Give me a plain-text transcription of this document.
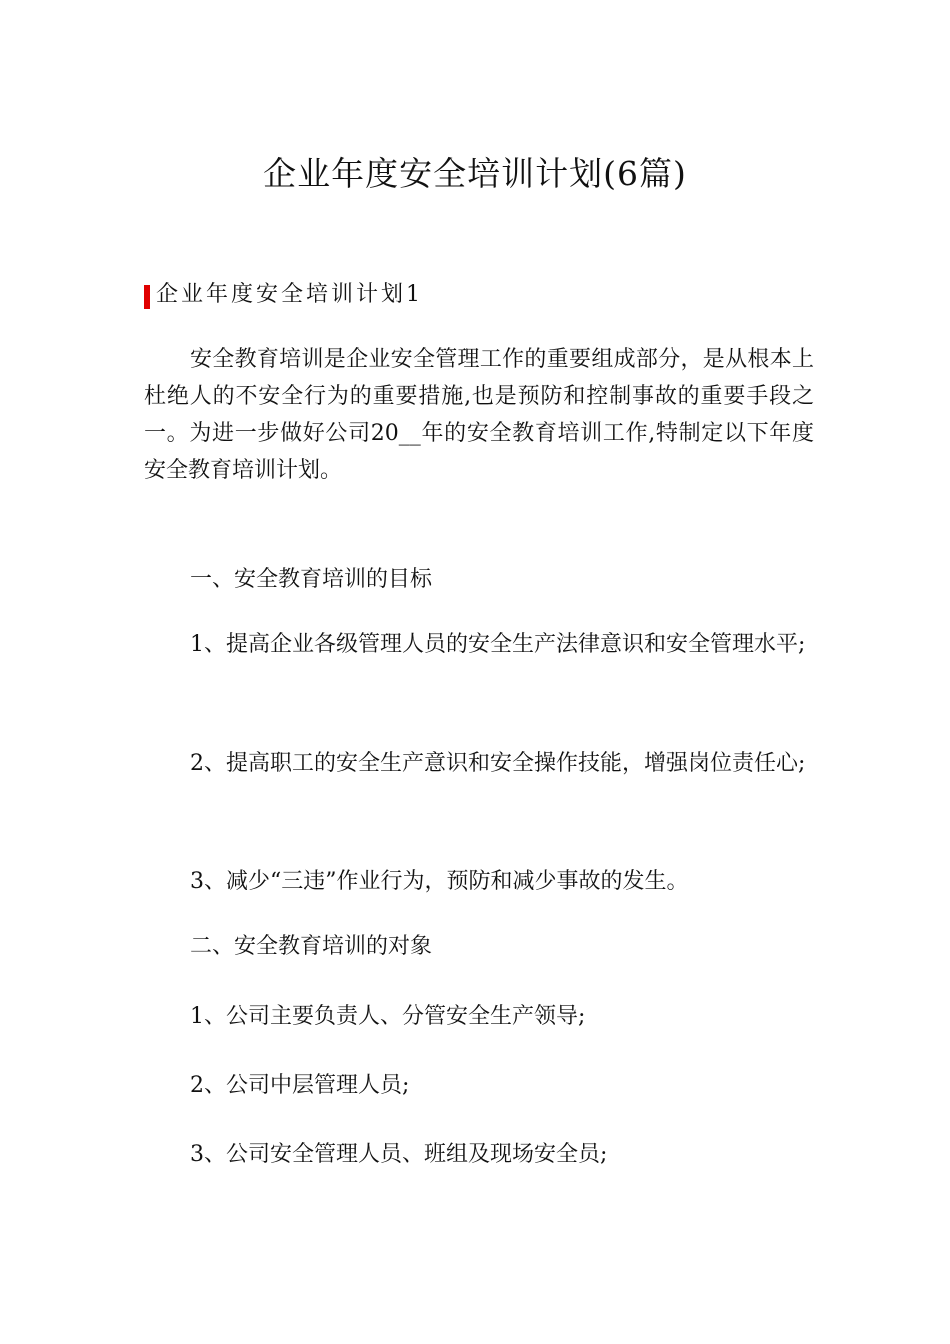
企业年度安全培训计划(6篇)
企业年度安全培训计划1

安全教育培训是企业安全管理工作的重要组成部分，是从根本上杜绝人的不安全行为的重要措施,也是预防和控制事故的重要手段之一。为进一步做好公司20__年的安全教育培训工作,特制定以下年度安全教育培训计划。

一、安全教育培训的目标

1、提高企业各级管理人员的安全生产法律意识和安全管理水平;

2、提高职工的安全生产意识和安全操作技能，增强岗位责任心;

3、减少“三违”作业行为，预防和减少事故的发生。

二、安全教育培训的对象

1、公司主要负责人、分管安全生产领导;

2、公司中层管理人员;

3、公司安全管理人员、班组及现场安全员;
